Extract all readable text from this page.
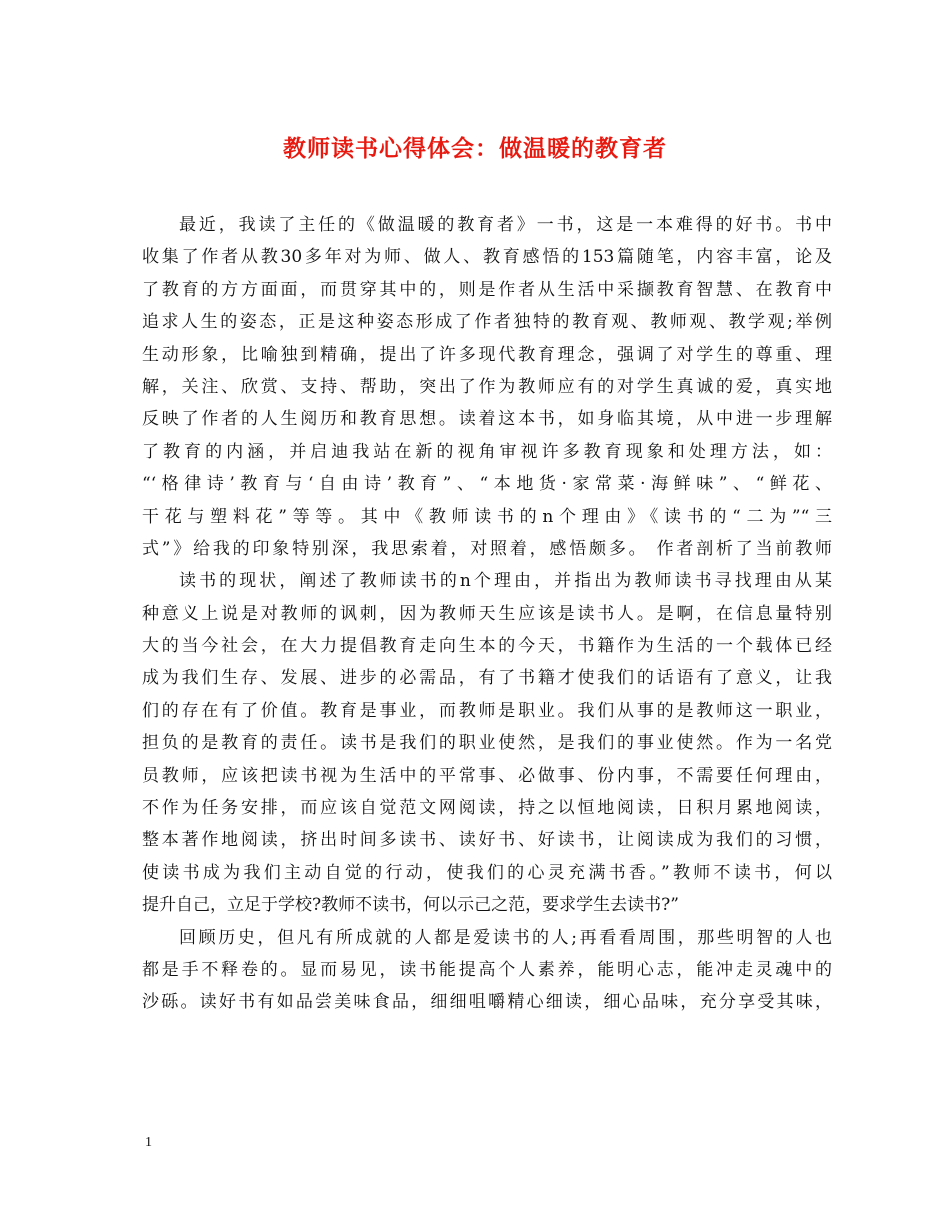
教师读书心得体会：做温暖的教育者
最近，我读了主任的《做温暖的教育者》一书，这是一本难得的好书。书中
收集了作者从教30多年对为师、做人、教育感悟的153篇随笔，内容丰富，论及
了教育的方方面面，而贯穿其中的，则是作者从生活中采撷教育智慧、在教育中
追求人生的姿态，正是这种姿态形成了作者独特的教育观、教师观、教学观;举例
生动形象，比喻独到精确，提出了许多现代教育理念，强调了对学生的尊重、理
解，关注、欣赏、支持、帮助，突出了作为教师应有的对学生真诚的爱，真实地
反映了作者的人生阅历和教育思想。读着这本书，如身临其境，从中进一步理解
了教育的内涵，并启迪我站在新的视角审视许多教育现象和处理方法，如：
“‘格律诗’教育与‘自由诗’教育”、“本地货·家常菜·海鲜味”、“鲜花、
干花与塑料花”等等。其中《教师读书的n个理由》《读书的“二为”“三
式”》给我的印象特别深，我思索着，对照着，感悟颇多。 作者剖析了当前教师
读书的现状，阐述了教师读书的n个理由，并指出为教师读书寻找理由从某
种意义上说是对教师的讽刺，因为教师天生应该是读书人。是啊，在信息量特别
大的当今社会，在大力提倡教育走向生本的今天，书籍作为生活的一个载体已经
成为我们生存、发展、进步的必需品，有了书籍才使我们的话语有了意义，让我
们的存在有了价值。教育是事业，而教师是职业。我们从事的是教师这一职业，
担负的是教育的责任。读书是我们的职业使然，是我们的事业使然。作为一名党
员教师，应该把读书视为生活中的平常事、必做事、份内事，不需要任何理由，
不作为任务安排，而应该自觉范文网阅读，持之以恒地阅读，日积月累地阅读，
整本著作地阅读，挤出时间多读书、读好书、好读书，让阅读成为我们的习惯，
使读书成为我们主动自觉的行动，使我们的心灵充满书香。”教师不读书，何以
提升自己，立足于学校?教师不读书，何以示己之范，要求学生去读书?”
回顾历史，但凡有所成就的人都是爱读书的人;再看看周围，那些明智的人也
都是手不释卷的。显而易见，读书能提高个人素养，能明心志，能冲走灵魂中的
沙砾。读好书有如品尝美味食品，细细咀嚼精心细读，细心品味，充分享受其味，
1
